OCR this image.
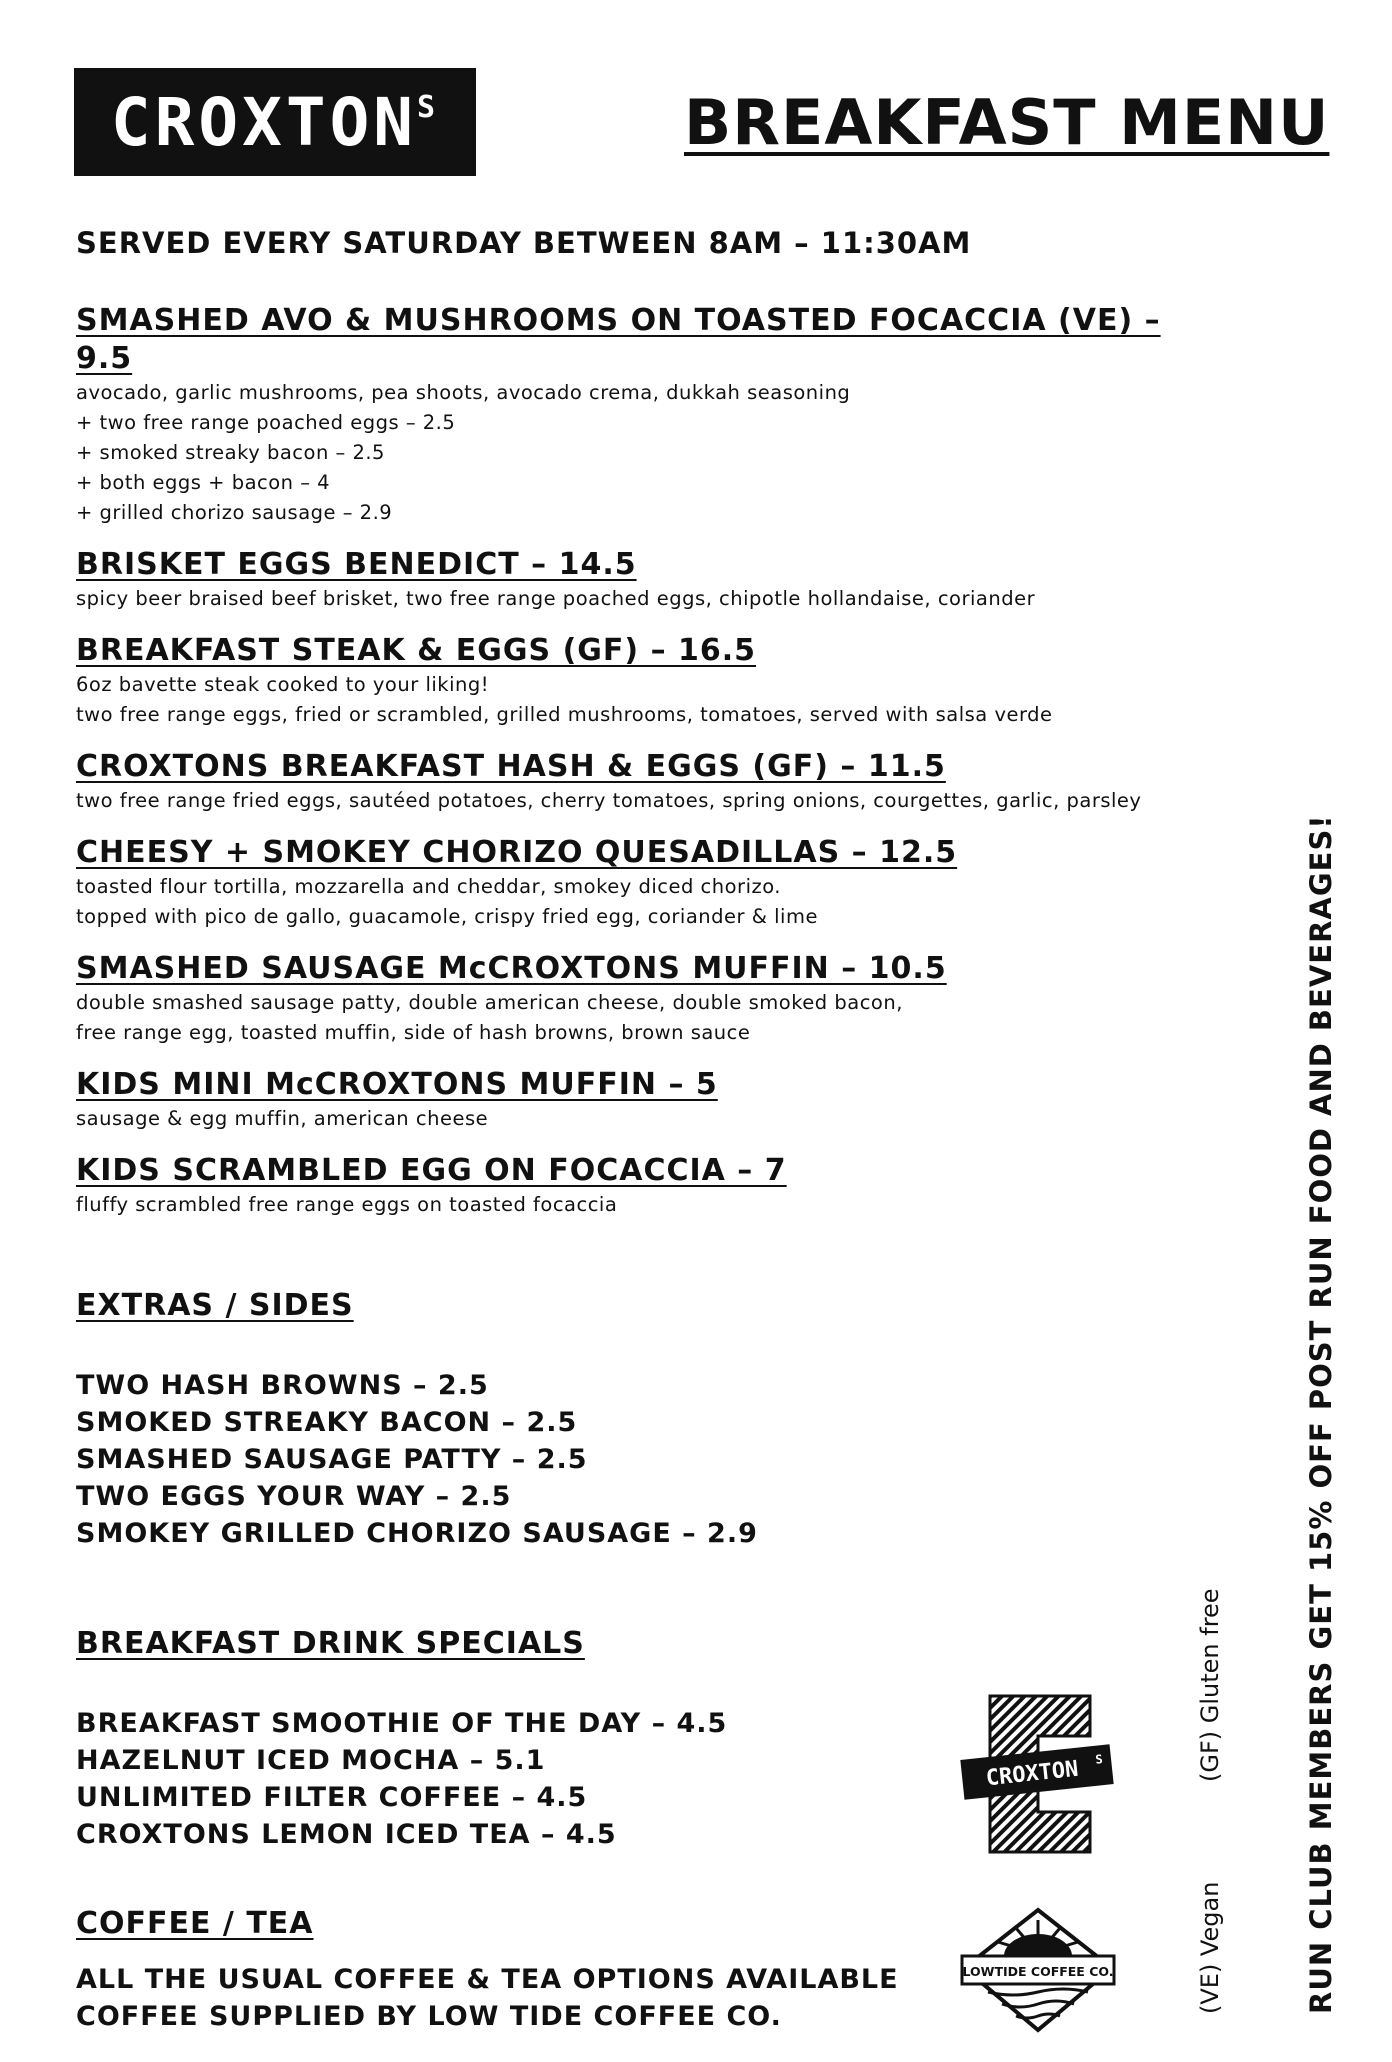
$CROXTON^S$	BREAKFAST MENU

SERVED EVERY SATURDAY BETWEEN 8AM – 11:30AM

SMASHED AVO & MUSHROOMS ON TOASTED FOCACCIA (VE) – 9.5

avocado, garlic mushrooms, pea shoots, avocado crema, dukkah seasoning

+ two free range poached eggs – 2.5

+ smoked streaky bacon – 2.5

+ both eggs + bacon – 4

+ grilled chorizo sausage – 2.9

BRISKET EGGS BENEDICT – 14.5

spicy beer braised beef brisket, two free range poached eggs, chipotle hollandaise, coriander

BREAKFAST STEAK & EGGS (GF) – 16.5

6oz bavette steak cooked to your liking!

two free range eggs, fried or scrambled, grilled mushrooms, tomatoes, served with salsa verde

CROXTONS BREAKFAST HASH & EGGS (GF) – 11.5

two free range fried eggs, sautéed potatoes, cherry tomatoes, spring onions, courgettes, garlic, parsley

CHEESY + SMOKEY CHORIZO QUESADILLAS – 12.5

toasted flour tortilla, mozzarella and cheddar, smokey diced chorizo.

topped with pico de gallo, guacamole, crispy fried egg, coriander & lime

SMASHED SAUSAGE McCROXTONS MUFFIN – 10.5

double smashed sausage patty, double american cheese, double smoked bacon,

free range egg, toasted muffin, side of hash browns, brown sauce

KIDS MINI McCROXTONS MUFFIN – 5

sausage & egg muffin, american cheese

KIDS SCRAMBLED EGG ON FOCACCIA – 7

fluffy scrambled free range eggs on toasted focaccia

EXTRAS / SIDES

TWO HASH BROWNS – 2.5

SMOKED STREAKY BACON – 2.5

SMASHED SAUSAGE PATTY – 2.5

TWO EGGS YOUR WAY – 2.5

SMOKEY GRILLED CHORIZO SAUSAGE – 2.9

BREAKFAST DRINK SPECIALS

BREAKFAST SMOOTHIE OF THE DAY – 4.5

HAZELNUT ICED MOCHA – 5.1

UNLIMITED FILTER COFFEE – 4.5

CROXTONS LEMON ICED TEA – 4.5

COFFEE / TEA

ALL THE USUAL COFFEE & TEA OPTIONS AVAILABLE

COFFEE SUPPLIED BY LOW TIDE COFFEE CO.

CROXTON S
LOWTIDE COFFEE CO.	(VE) Vegan
(GF) Gluten free	RUN CLUB MEMBERS GET 15% OFF POST RUN FOOD AND BEVERAGES!
